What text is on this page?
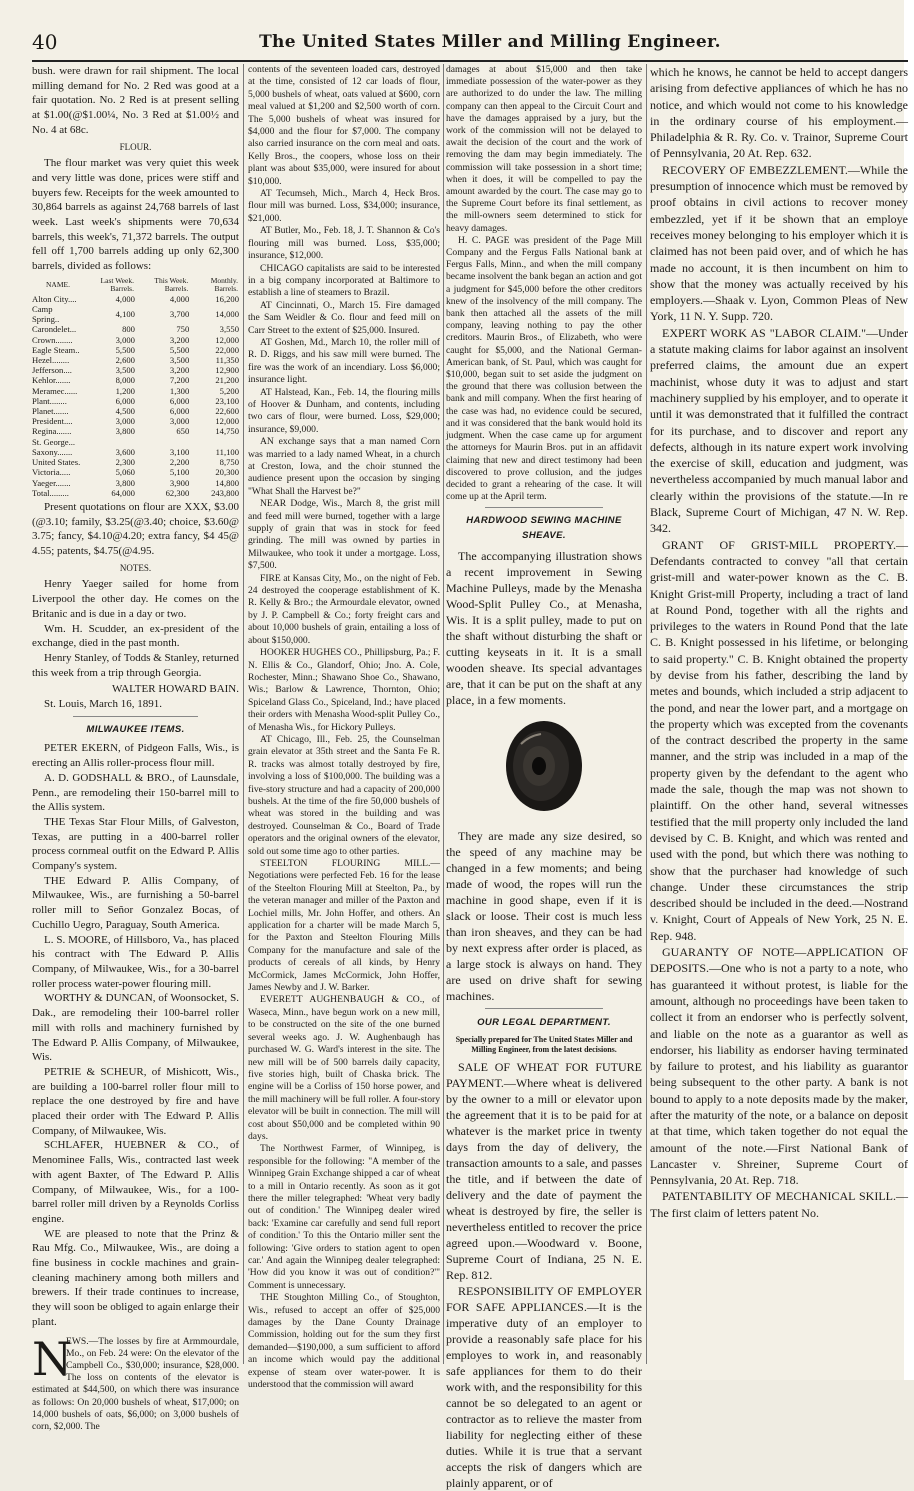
40	The United States Miller and Milling Engineer.

bush. were drawn for rail shipment. The local milling demand for No. 2 Red was good at a fair quotation. No. 2 Red is at present selling at $1.00(@$1.00¼, No. 3 Red at $1.00½ and No. 4 at 68c.

FLOUR.

The flour market was very quiet this week and very little was done, prices were stiff and buyers few. Receipts for the week amounted to 30,864 barrels as against 24,768 barrels of last week. Last week's shipments were 70,634 barrels, this week's, 71,372 barrels. The output fell off 1,700 barrels adding up only 62,300 barrels, divided as follows:

NAME.	Last Week. Barrels.	This Week. Barrels.	Monthly. Barrels.
Alton City....	4,000	4,000	16,200
Camp Spring..	4,100	3,700	14,000
Carondelet...	800	750	3,550
Crown........	3,000	3,200	12,000
Eagle Steam..	5,500	5,500	22,000
Hezel........	2,600	3,500	11,350
Jefferson....	3,500	3,200	12,900
Kehlor.......	8,000	7,200	21,200
Meramec......	1,200	1,300	5,200
Plant........	6,000	6,000	23,100
Planet.......	4,500	6,000	22,600
President....	3,000	3,000	12,000
Regina.......	3,800	650	14,750
St. George...			
Saxony.......	3,600	3,100	11,100
United States.	2,300	2,200	8,750
Victoria.....	5,060	5,100	20,300
Yaeger.......	3,800	3,900	14,800
Total.........	64,000	62,300	243,800

Present quotations on flour are XXX, $3.00 (@3.10; family, $3.25(@3.40; choice, $3.60@ 3.75; fancy, $4.10@4.20; extra fancy, $4 45@ 4.55; patents, $4.75(@4.95.

NOTES.

Henry Yaeger sailed for home from Liverpool the other day. He comes on the Britanic and is due in a day or two.

Wm. H. Scudder, an ex-president of the exchange, died in the past month.

Henry Stanley, of Todds & Stanley, returned this week from a trip through Georgia.

WALTER HOWARD BAIN.

St. Louis, March 16, 1891.

MILWAUKEE ITEMS.

PETER EKERN, of Pidgeon Falls, Wis., is erecting an Allis roller-process flour mill.

A. D. GODSHALL & BRO., of Launsdale, Penn., are remodeling their 150-barrel mill to the Allis system.

THE Texas Star Flour Mills, of Galveston, Texas, are putting in a 400-barrel roller process cornmeal outfit on the Edward P. Allis Company's system.

THE Edward P. Allis Company, of Milwaukee, Wis., are furnishing a 50-barrel roller mill to Señor Gonzalez Bocas, of Cuchillo Uegro, Paraguay, South America.

L. S. MOORE, of Hillsboro, Va., has placed his contract with The Edward P. Allis Company, of Milwaukee, Wis., for a 30-barrel roller process water-power flouring mill.

WORTHY & DUNCAN, of Woonsocket, S. Dak., are remodeling their 100-barrel roller mill with rolls and machinery furnished by The Edward P. Allis Company, of Milwaukee, Wis.

PETRIE & SCHEUR, of Mishicott, Wis., are building a 100-barrel roller flour mill to replace the one destroyed by fire and have placed their order with The Edward P. Allis Company, of Milwaukee, Wis.

SCHLAFER, HUEBNER & CO., of Menominee Falls, Wis., contracted last week with agent Baxter, of The Edward P. Allis Company, of Milwaukee, Wis., for a 100-barrel roller mill driven by a Reynolds Corliss engine.

WE are pleased to note that the Prinz & Rau Mfg. Co., Milwaukee, Wis., are doing a fine business in cockle machines and grain-cleaning machinery among both millers and brewers. If their trade continues to increase, they will soon be obliged to again enlarge their plant.

N
EWS.—The losses by fire at Armmourdale, Mo., on Feb. 24 were: On the elevator of the Campbell Co., $30,000; insurance, $28,000. The loss on contents of the elevator is estimated at $44,500, on which there was insurance as follows: On 20,000 bushels of wheat, $17,000; on 14,000 bushels of oats, $6,000; on 3,000 bushels of corn, $2,000. The

contents of the seventeen loaded cars, destroyed at the time, consisted of 12 car loads of flour, 5,000 bushels of wheat, oats valued at $600, corn meal valued at $1,200 and $2,500 worth of corn. The 5,000 bushels of wheat was insured for $4,000 and the flour for $7,000. The company also carried insurance on the corn meal and oats. Kelly Bros., the coopers, whose loss on their plant was about $35,000, were insured for about $10,000.

AT Tecumseh, Mich., March 4, Heck Bros. flour mill was burned. Loss, $34,000; insurance, $21,000.

AT Butler, Mo., Feb. 18, J. T. Shannon & Co's flouring mill was burned. Loss, $35,000; insurance, $12,000.

CHICAGO capitalists are said to be interested in a big company incorporated at Baltimore to establish a line of steamers to Brazil.

AT Cincinnati, O., March 15. Fire damaged the Sam Weidler & Co. flour and feed mill on Carr Street to the extent of $25,000. Insured.

AT Goshen, Md., March 10, the roller mill of R. D. Riggs, and his saw mill were burned. The fire was the work of an incendiary. Loss $6,000; insurance light.

AT Halstead, Kan., Feb. 14, the flouring mills of Hoover & Dunham, and contents, including two cars of flour, were burned. Loss, $29,000; insurance, $9,000.

AN exchange says that a man named Corn was married to a lady named Wheat, in a church at Creston, Iowa, and the choir stunned the audience present upon the occasion by singing "What Shall the Harvest be?"

NEAR Dodge, Wis., March 8, the grist mill and feed mill were burned, together with a large supply of grain that was in stock for feed grinding. The mill was owned by parties in Milwaukee, who took it under a mortgage. Loss, $7,500.

FIRE at Kansas City, Mo., on the night of Feb. 24 destroyed the cooperage establishment of K. R. Kelly & Bro.; the Armourdale elevator, owned by J. P. Campbell & Co.; forty freight cars and about 10,000 bushels of grain, entailing a loss of about $150,000.

HOOKER HUGHES CO., Phillipsburg, Pa.; F. N. Ellis & Co., Glandorf, Ohio; Jno. A. Cole, Rochester, Minn.; Shawano Shoe Co., Shawano, Wis.; Barlow & Lawrence, Thornton, Ohio; Spiceland Glass Co., Spiceland, Ind.; have placed their orders with Menasha Wood-split Pulley Co., of Menasha Wis., for Hickory Pulleys.

AT Chicago, Ill., Feb. 25, the Counselman grain elevator at 35th street and the Santa Fe R. R. tracks was almost totally destroyed by fire, involving a loss of $100,000. The building was a five-story structure and had a capacity of 200,000 bushels. At the time of the fire 50,000 bushels of wheat was stored in the building and was destroyed. Counselman & Co., Board of Trade operators and the original owners of the elevator, sold out some time ago to other parties.

STEELTON FLOURING MILL.—Negotiations were perfected Feb. 16 for the lease of the Steelton Flouring Mill at Steelton, Pa., by the veteran manager and miller of the Paxton and Lochiel mills, Mr. John Hoffer, and others. An application for a charter will be made March 5, for the Paxton and Steelton Flouring Mills Company for the manufacture and sale of the products of cereals of all kinds, by Henry McCormick, James McCormick, John Hoffer, James Newby and J. W. Barker.

EVERETT AUGHENBAUGH & CO., of Waseca, Minn., have begun work on a new mill, to be constructed on the site of the one burned several weeks ago. J. W. Aughenbaugh has purchased W. G. Ward's interest in the site. The new mill will be of 500 barrels daily capacity, five stories high, built of Chaska brick. The engine will be a Corliss of 150 horse power, and the mill machinery will be full roller. A four-story elevator will be built in connection. The mill will cost about $50,000 and be completed within 90 days.

The Northwest Farmer, of Winnipeg, is responsible for the following: "A member of the Winnipeg Grain Exchange shipped a car of wheat to a mill in Ontario recently. As soon as it got there the miller telegraphed: 'Wheat very badly out of condition.' The Winnipeg dealer wired back: 'Examine car carefully and send full report of condition.' To this the Ontario miller sent the following: 'Give orders to station agent to open car.' And again the Winnipeg dealer telegraphed: 'How did you know it was out of condition?'" Comment is unnecessary.

THE Stoughton Milling Co., of Stoughton, Wis., refused to accept an offer of $25,000 damages by the Dane County Drainage Commission, holding out for the sum they first demanded—$190,000, a sum sufficient to afford an income which would pay the additional expense of steam over water-power. It is understood that the commission will award

damages at about $15,000 and then take immediate possession of the water-power as they are authorized to do under the law. The milling company can then appeal to the Circuit Court and have the damages appraised by a jury, but the work of the commission will not be delayed to await the decision of the court and the work of removing the dam may begin immediately. The commission will take possession in a short time; when it does, it will be compelled to pay the amount awarded by the court. The case may go to the Supreme Court before its final settlement, as the mill-owners seem determined to stick for heavy damages.

H. C. PAGE was president of the Page Mill Company and the Fergus Falls National bank at Fergus Falls, Minn., and when the mill company became insolvent the bank began an action and got a judgment for $45,000 before the other creditors knew of the insolvency of the mill company. The bank then attached all the assets of the mill company, leaving nothing to pay the other creditors. Maurin Bros., of Elizabeth, who were caught for $5,000, and the National German-American bank, of St. Paul, which was caught for $10,000, began suit to set aside the judgment on the ground that there was collusion between the bank and mill company. When the first hearing of the case was had, no evidence could be secured, and it was considered that the bank would hold its judgment. When the case came up for argument the attorneys for Maurin Bros. put in an affidavit claiming that new and direct testimony had been discovered to prove collusion, and the judges decided to grant a rehearing of the case. It will come up at the April term.

HARDWOOD SEWING MACHINE SHEAVE.

The accompanying illustration shows a recent improvement in Sewing Machine Pulleys, made by the Menasha Wood-Split Pulley Co., at Menasha, Wis. It is a split pulley, made to put on the shaft without disturbing the shaft or cutting keyseats in it. It is a small wooden sheave. Its special advantages are, that it can be put on the shaft at any place, in a few moments.

They are made any size desired, so the speed of any machine may be changed in a few moments; and being made of wood, the ropes will run the machine in good shape, even if it is slack or loose. Their cost is much less than iron sheaves, and they can be had by next express after order is placed, as a large stock is always on hand. They are used on drive shaft for sewing machines.

OUR LEGAL DEPARTMENT.
Specially prepared for The United States Miller and Milling Engineer, from the latest decisions.

SALE OF WHEAT FOR FUTURE PAYMENT.—Where wheat is delivered by the owner to a mill or elevator upon the agreement that it is to be paid for at whatever is the market price in twenty days from the day of delivery, the transaction amounts to a sale, and passes the title, and if between the date of delivery and the date of payment the wheat is destroyed by fire, the seller is nevertheless entitled to recover the price agreed upon.—Woodward v. Boone, Supreme Court of Indiana, 25 N. E. Rep. 812.

RESPONSIBILITY OF EMPLOYER FOR SAFE APPLIANCES.—It is the imperative duty of an employer to provide a reasonably safe place for his employes to work in, and reasonably safe appliances for them to do their work with, and the responsibility for this cannot be so delegated to an agent or contractor as to relieve the master from liability for neglecting either of these duties. While it is true that a servant accepts the risk of dangers which are plainly apparent, or of

which he knows, he cannot be held to accept dangers arising from defective appliances of which he has no notice, and which would not come to his knowledge in the ordinary course of his employment.—Philadelphia & R. Ry. Co. v. Trainor, Supreme Court of Pennsylvania, 20 At. Rep. 632.

RECOVERY OF EMBEZZLEMENT.—While the presumption of innocence which must be removed by proof obtains in civil actions to recover money embezzled, yet if it be shown that an employe receives money belonging to his employer which it is claimed has not been paid over, and of which he has made no account, it is then incumbent on him to show that the money was actually received by his employers.—Shaak v. Lyon, Common Pleas of New York, 11 N. Y. Supp. 720.

EXPERT WORK AS "LABOR CLAIM."—Under a statute making claims for labor against an insolvent preferred claims, the amount due an expert machinist, whose duty it was to adjust and start machinery supplied by his employer, and to operate it until it was demonstrated that it fulfilled the contract for its purchase, and to discover and report any defects, although in its nature expert work involving the exercise of skill, education and judgment, was nevertheless accompanied by much manual labor and clearly within the provisions of the statute.—In re Black, Supreme Court of Michigan, 47 N. W. Rep. 342.

GRANT OF GRIST-MILL PROPERTY.—Defendants contracted to convey "all that certain grist-mill and water-power known as the C. B. Knight Grist-mill Property, including a tract of land at Round Pond, together with all the rights and privileges to the waters in Round Pond that the late C. B. Knight possessed in his lifetime, or belonging to said property." C. B. Knight obtained the property by devise from his father, describing the land by metes and bounds, which included a strip adjacent to the pond, and near the lower part, and a mortgage on the property which was excepted from the covenants of the contract described the property in the same manner, and the strip was included in a map of the property given by the defendant to the agent who made the sale, though the map was not shown to plaintiff. On the other hand, several witnesses testified that the mill property only included the land devised by C. B. Knight, and which was rented and used with the pond, but which there was nothing to show that the purchaser had knowledge of such change. Under these circumstances the strip described should be included in the deed.—Nostrand v. Knight, Court of Appeals of New York, 25 N. E. Rep. 948.

GUARANTY OF NOTE—APPLICATION OF DEPOSITS.—One who is not a party to a note, who has guaranteed it without protest, is liable for the amount, although no proceedings have been taken to collect it from an endorser who is perfectly solvent, and liable on the note as a guarantor as well as endorser, his liability as endorser having terminated by failure to protest, and his liability as guarantor being subsequent to the other party. A bank is not bound to apply to a note deposits made by the maker, after the maturity of the note, or a balance on deposit at that time, which taken together do not equal the amount of the note.—First National Bank of Lancaster v. Shreiner, Supreme Court of Pennsylvania, 20 At. Rep. 718.

PATENTABILITY OF MECHANICAL SKILL.—The first claim of letters patent No.
